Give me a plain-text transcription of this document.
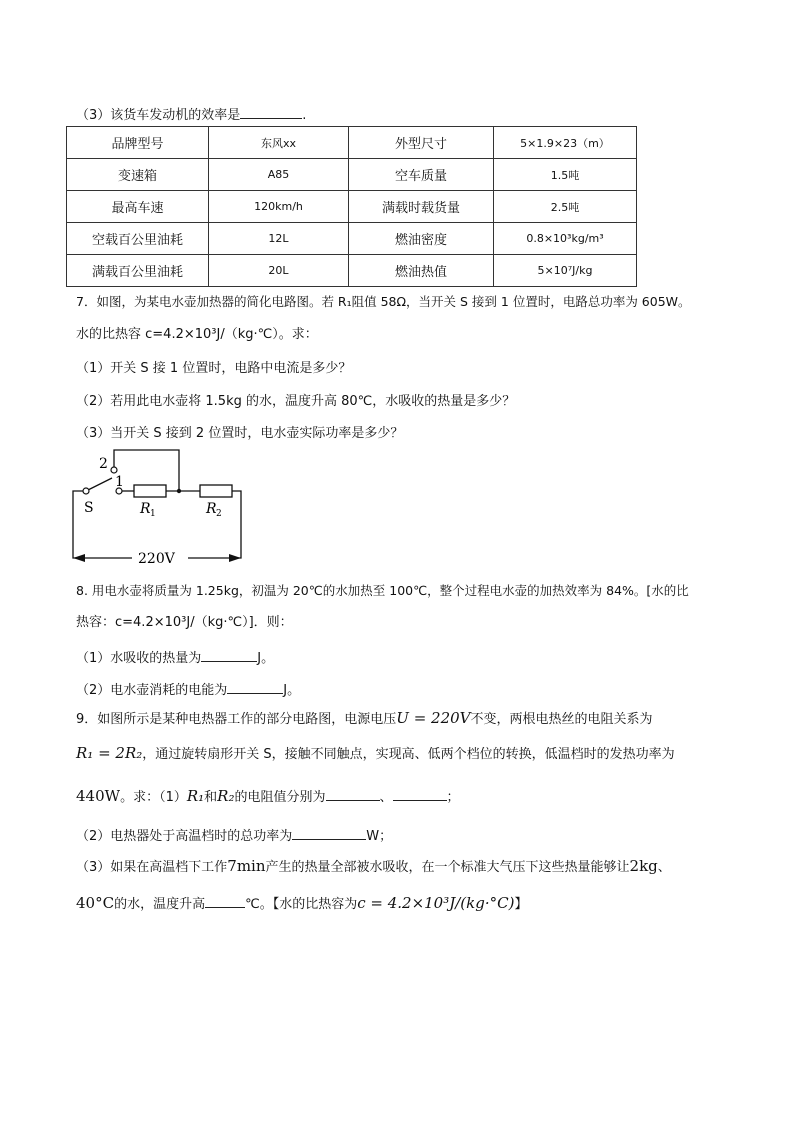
（3）该货车发动机的效率是	.
品牌型号	东风xx	外型尺寸	5×1.9×23（m）
变速箱	A85	空车质量	1.5吨
最高车速	120km/h	满载时载货量	2.5吨
空载百公里油耗	12L	燃油密度	0.8×10³kg/m³
满载百公里油耗	20L	燃油热值	5×10⁷J/kg
7．如图，为某电水壶加热器的简化电路图。若 R₁阻值 58Ω，当开关 S 接到 1 位置时，电路总功率为 605W。
水的比热容 c=4.2×10³J/（kg·℃）。求：
（1）开关 S 接 1 位置时，电路中电流是多少？
（2）若用此电水壶将 1.5kg 的水，温度升高 80℃，水吸收的热量是多少？
（3）当开关 S 接到 2 位置时，电水壶实际功率是多少？
2
1
S	R 1	R 2
220V
8. 用电水壶将质量为 1.25kg，初温为 20℃的水加热至 100℃，整个过程电水壶的加热效率为 84%。[水的比
热容：c=4.2×10³J/（kg·℃）]．则：
（1）水吸收的热量为	J。
（2）电水壶消耗的电能为	J。
9．如图所示是某种电热器工作的部分电路图，电源电压U = 220V不变，两根电热丝的电阻关系为
R₁ = 2R₂，通过旋转扇形开关 S，接触不同触点，实现高、低两个档位的转换，低温档时的发热功率为
440W。求：（1）R₁和R₂的电阻值分别为	、	；
（2）电热器处于高温档时的总功率为	W；
（3）如果在高温档下工作7min产生的热量全部被水吸收，在一个标准大气压下这些热量能够让2kg、
40°C的水，温度升高	℃。【水的比热容为c = 4.2×10³J/(kg·°C)】
